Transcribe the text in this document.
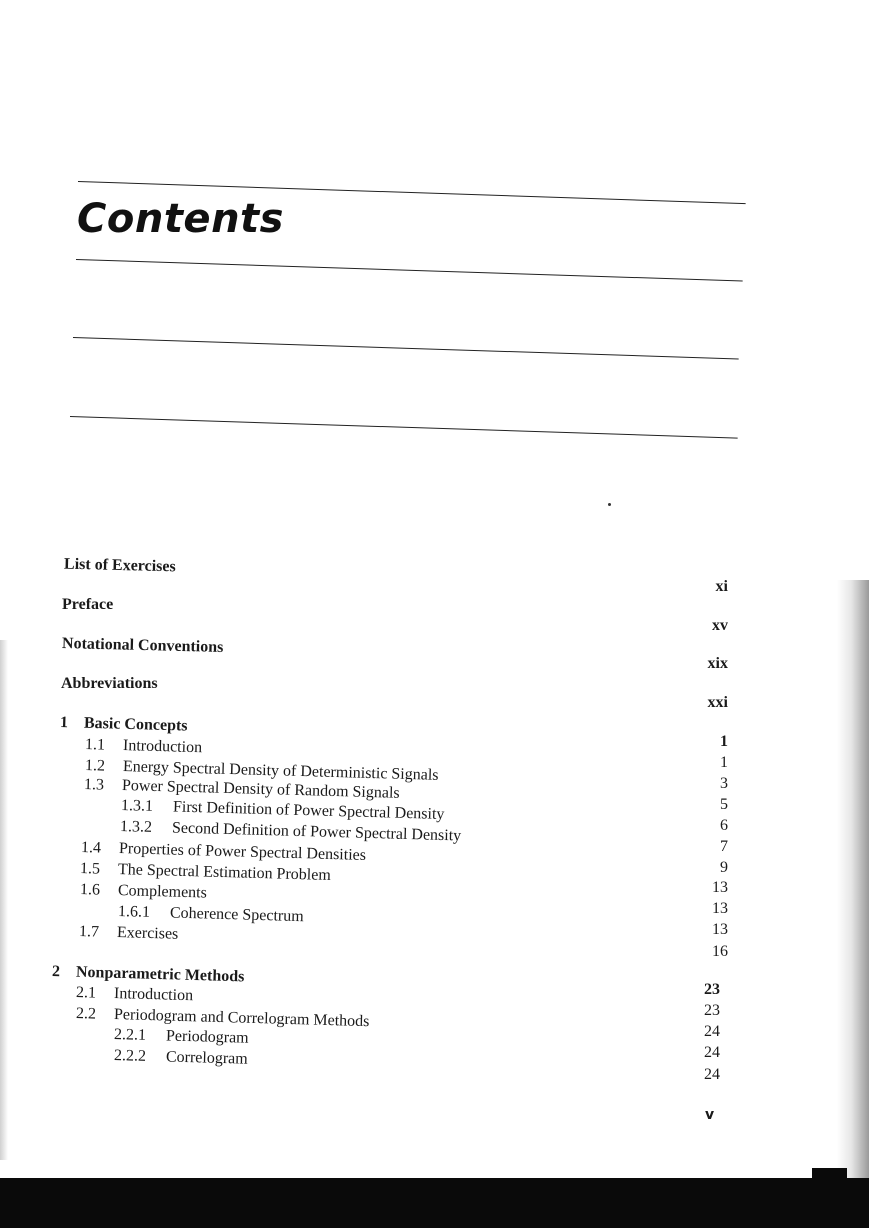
Contents
List of Exercises
xi
Preface
xv
Notational Conventions
xix
Abbreviations
xxi
1 Basic Concepts
1.1 Introduction
1.2 Energy Spectral Density of Deterministic Signals
1.3 Power Spectral Density of Random Signals
1.3.1 First Definition of Power Spectral Density
1.3.2 Second Definition of Power Spectral Density
1.4 Properties of Power Spectral Densities
1.5 The Spectral Estimation Problem
1.6 Complements
1.6.1 Coherence Spectrum
1.7 Exercises
2 Nonparametric Methods
2.1 Introduction
2.2 Periodogram and Correlogram Methods
2.2.1 Periodogram
2.2.2 Correlogram
1
1
3
5
6
7
9
13
13
13
16
23
23
24
24
24
v
